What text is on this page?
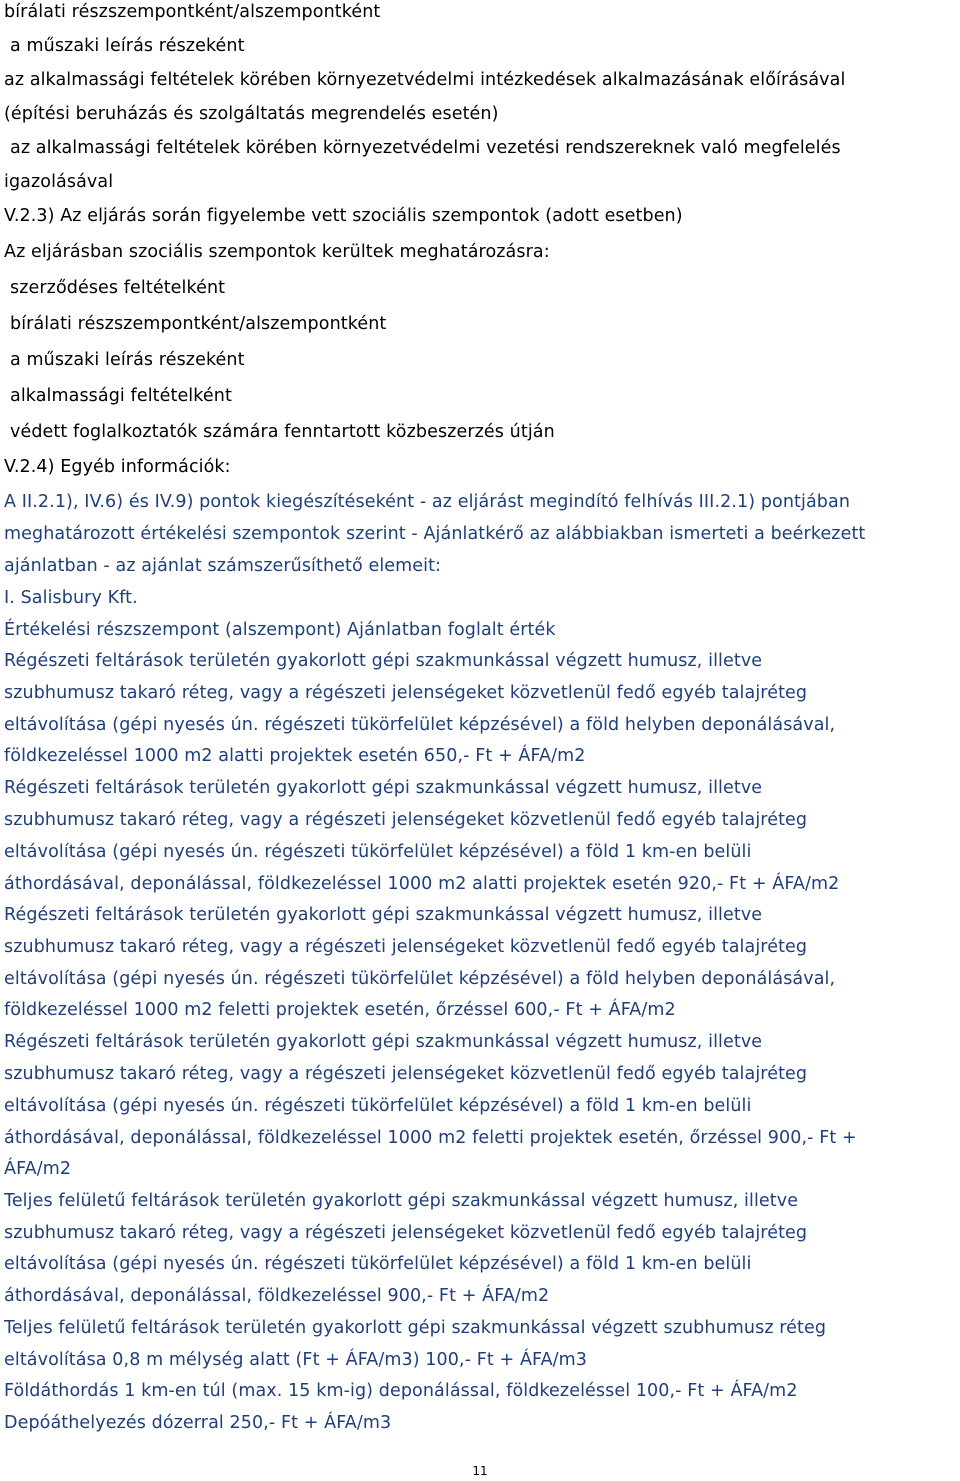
bírálati részszempontként/alszempontként
a műszaki leírás részeként
az alkalmassági feltételek körében környezetvédelmi intézkedések alkalmazásának előírásával
(építési beruházás és szolgáltatás megrendelés esetén)
az alkalmassági feltételek körében környezetvédelmi vezetési rendszereknek való megfelelés
igazolásával
V.2.3) Az eljárás során figyelembe vett szociális szempontok (adott esetben)
Az eljárásban szociális szempontok kerültek meghatározásra:
szerződéses feltételként
bírálati részszempontként/alszempontként
a műszaki leírás részeként
alkalmassági feltételként
védett foglalkoztatók számára fenntartott közbeszerzés útján
V.2.4) Egyéb információk:
A II.2.1), IV.6) és IV.9) pontok kiegészítéseként - az eljárást megindító felhívás III.2.1) pontjában
meghatározott értékelési szempontok szerint - Ajánlatkérő az alábbiakban ismerteti a beérkezett
ajánlatban - az ajánlat számszerűsíthető elemeit:
I. Salisbury Kft.
Értékelési részszempont (alszempont) Ajánlatban foglalt érték
Régészeti feltárások területén gyakorlott gépi szakmunkással végzett humusz, illetve
szubhumusz takaró réteg, vagy a régészeti jelenségeket közvetlenül fedő egyéb talajréteg
eltávolítása (gépi nyesés ún. régészeti tükörfelület képzésével) a föld helyben deponálásával,
földkezeléssel 1000 m2 alatti projektek esetén 650,- Ft + ÁFA/m2
Régészeti feltárások területén gyakorlott gépi szakmunkással végzett humusz, illetve
szubhumusz takaró réteg, vagy a régészeti jelenségeket közvetlenül fedő egyéb talajréteg
eltávolítása (gépi nyesés ún. régészeti tükörfelület képzésével) a föld 1 km-en belüli
áthordásával, deponálással, földkezeléssel 1000 m2 alatti projektek esetén 920,- Ft + ÁFA/m2
Régészeti feltárások területén gyakorlott gépi szakmunkással végzett humusz, illetve
szubhumusz takaró réteg, vagy a régészeti jelenségeket közvetlenül fedő egyéb talajréteg
eltávolítása (gépi nyesés ún. régészeti tükörfelület képzésével) a föld helyben deponálásával,
földkezeléssel 1000 m2 feletti projektek esetén, őrzéssel 600,- Ft + ÁFA/m2
Régészeti feltárások területén gyakorlott gépi szakmunkással végzett humusz, illetve
szubhumusz takaró réteg, vagy a régészeti jelenségeket közvetlenül fedő egyéb talajréteg
eltávolítása (gépi nyesés ún. régészeti tükörfelület képzésével) a föld 1 km-en belüli
áthordásával, deponálással, földkezeléssel 1000 m2 feletti projektek esetén, őrzéssel 900,- Ft +
ÁFA/m2
Teljes felületű feltárások területén gyakorlott gépi szakmunkással végzett humusz, illetve
szubhumusz takaró réteg, vagy a régészeti jelenségeket közvetlenül fedő egyéb talajréteg
eltávolítása (gépi nyesés ún. régészeti tükörfelület képzésével) a föld 1 km-en belüli
áthordásával, deponálással, földkezeléssel 900,- Ft + ÁFA/m2
Teljes felületű feltárások területén gyakorlott gépi szakmunkással végzett szubhumusz réteg
eltávolítása 0,8 m mélység alatt (Ft + ÁFA/m3) 100,- Ft + ÁFA/m3
Földáthordás 1 km-en túl (max. 15 km-ig) deponálással, földkezeléssel 100,- Ft + ÁFA/m2
Depóáthelyezés dózerral 250,- Ft + ÁFA/m3
11
